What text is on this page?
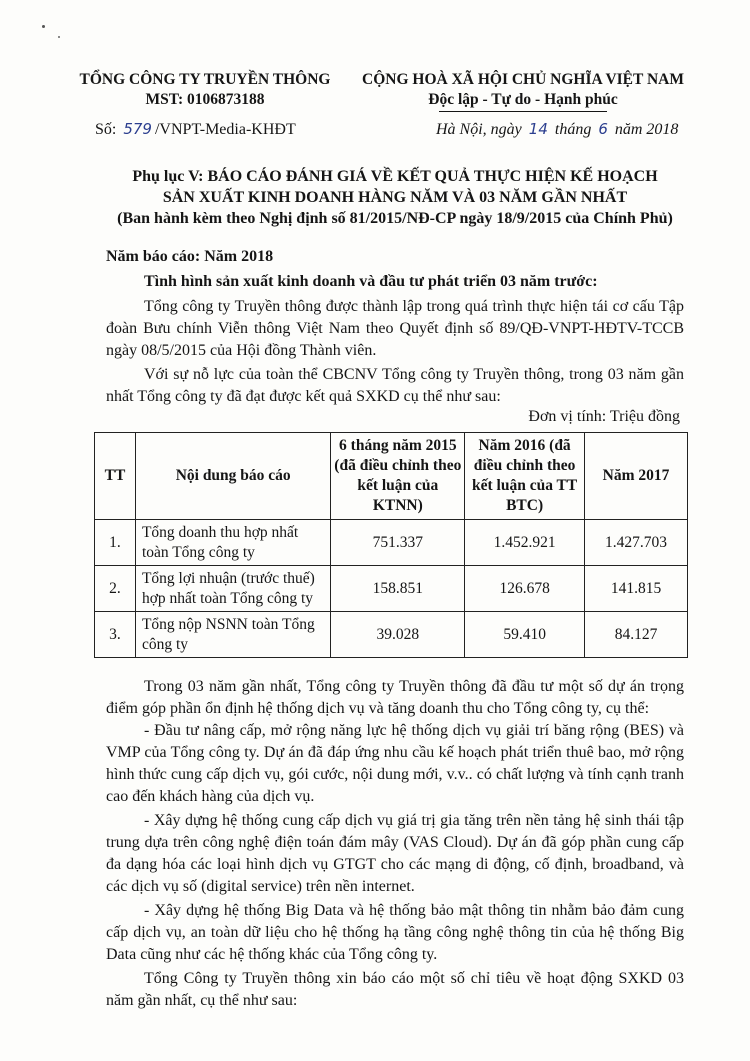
TỔNG CÔNG TY TRUYỀN THÔNG
MST: 0106873188
CỘNG HOÀ XÃ HỘI CHỦ NGHĨA VIỆT NAM
Độc lập - Tự do - Hạnh phúc
Số: 579 /VNPT-Media-KHĐT	Hà Nội, ngày 14 tháng 6 năm 2018
Phụ lục V: BÁO CÁO ĐÁNH GIÁ VỀ KẾT QUẢ THỰC HIỆN KẾ HOẠCH
SẢN XUẤT KINH DOANH HÀNG NĂM VÀ 03 NĂM GẦN NHẤT
(Ban hành kèm theo Nghị định số 81/2015/NĐ-CP ngày 18/9/2015 của Chính Phủ)
Năm báo cáo: Năm 2018
Tình hình sản xuất kinh doanh và đầu tư phát triển 03 năm trước:
Tổng công ty Truyền thông được thành lập trong quá trình thực hiện tái cơ cấu Tập đoàn Bưu chính Viễn thông Việt Nam theo Quyết định số 89/QĐ-VNPT-HĐTV-TCCB ngày 08/5/2015 của Hội đồng Thành viên.
Với sự nỗ lực của toàn thể CBCNV Tổng công ty Truyền thông, trong 03 năm gần nhất Tổng công ty đã đạt được kết quả SXKD cụ thể như sau:
Đơn vị tính: Triệu đồng
TT	Nội dung báo cáo	6 tháng năm 2015 (đã điều chỉnh theo kết luận của KTNN)	Năm 2016 (đã điều chỉnh theo kết luận của TT BTC)	Năm 2017
1.	Tổng doanh thu hợp nhất toàn Tổng công ty	751.337	1.452.921	1.427.703
2.	Tổng lợi nhuận (trước thuế) hợp nhất toàn Tổng công ty	158.851	126.678	141.815
3.	Tổng nộp NSNN toàn Tổng công ty	39.028	59.410	84.127
Trong 03 năm gần nhất, Tổng công ty Truyền thông đã đầu tư một số dự án trọng điểm góp phần ổn định hệ thống dịch vụ và tăng doanh thu cho Tổng công ty, cụ thể:
- Đầu tư nâng cấp, mở rộng năng lực hệ thống dịch vụ giải trí băng rộng (BES) và VMP của Tổng công ty. Dự án đã đáp ứng nhu cầu kế hoạch phát triển thuê bao, mở rộng hình thức cung cấp dịch vụ, gói cước, nội dung mới, v.v.. có chất lượng và tính cạnh tranh cao đến khách hàng của dịch vụ.
- Xây dựng hệ thống cung cấp dịch vụ giá trị gia tăng trên nền tảng hệ sinh thái tập trung dựa trên công nghệ điện toán đám mây (VAS Cloud). Dự án đã góp phần cung cấp đa dạng hóa các loại hình dịch vụ GTGT cho các mạng di động, cố định, broadband, và các dịch vụ số (digital service) trên nền internet.
- Xây dựng hệ thống Big Data và hệ thống bảo mật thông tin nhằm bảo đảm cung cấp dịch vụ, an toàn dữ liệu cho hệ thống hạ tầng công nghệ thông tin của hệ thống Big Data cũng như các hệ thống khác của Tổng công ty.
Tổng Công ty Truyền thông xin báo cáo một số chỉ tiêu về hoạt động SXKD 03 năm gần nhất, cụ thể như sau:
